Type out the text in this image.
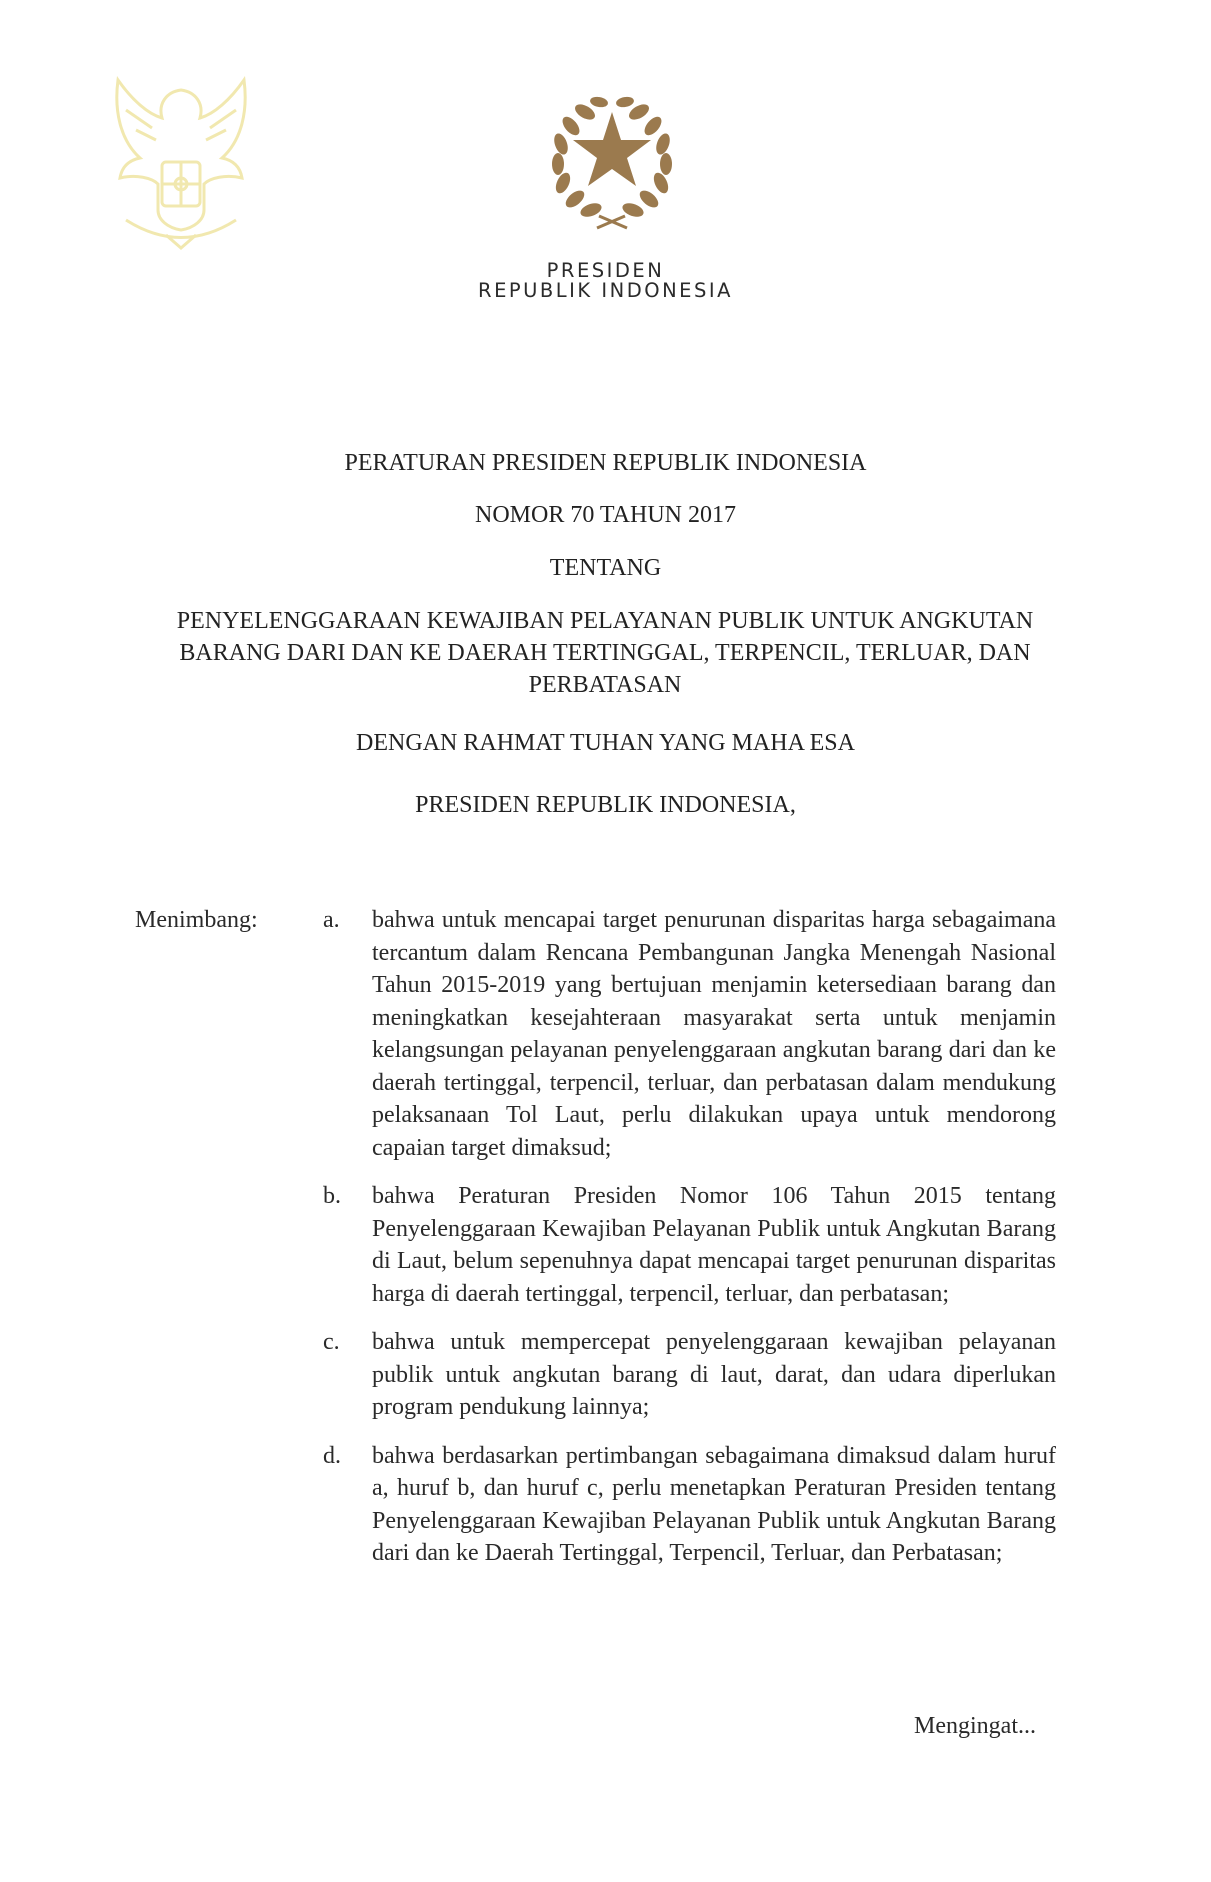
PRESIDEN
REPUBLIK INDONESIA
PERATURAN PRESIDEN REPUBLIK INDONESIA
NOMOR 70 TAHUN 2017
TENTANG
PENYELENGGARAAN KEWAJIBAN PELAYANAN PUBLIK UNTUK ANGKUTAN BARANG DARI DAN KE DAERAH TERTINGGAL, TERPENCIL, TERLUAR, DAN PERBATASAN
DENGAN RAHMAT TUHAN YANG MAHA ESA
PRESIDEN REPUBLIK INDONESIA,
Menimbang:	a.	bahwa untuk mencapai target penurunan disparitas harga sebagaimana tercantum dalam Rencana Pembangunan Jangka Menengah Nasional Tahun 2015-2019 yang bertujuan menjamin ketersediaan barang dan meningkatkan kesejahteraan masyarakat serta untuk menjamin kelangsungan pelayanan penyelenggaraan angkutan barang dari dan ke daerah tertinggal, terpencil, terluar, dan perbatasan dalam mendukung pelaksanaan Tol Laut, perlu dilakukan upaya untuk mendorong capaian target dimaksud;
b.	bahwa Peraturan Presiden Nomor 106 Tahun 2015 tentang Penyelenggaraan Kewajiban Pelayanan Publik untuk Angkutan Barang di Laut, belum sepenuhnya dapat mencapai target penurunan disparitas harga di daerah tertinggal, terpencil, terluar, dan perbatasan;
c.	bahwa untuk mempercepat penyelenggaraan kewajiban pelayanan publik untuk angkutan barang di laut, darat, dan udara diperlukan program pendukung lainnya;
d.	bahwa berdasarkan pertimbangan sebagaimana dimaksud dalam huruf a, huruf b, dan huruf c, perlu menetapkan Peraturan Presiden tentang Penyelenggaraan Kewajiban Pelayanan Publik untuk Angkutan Barang dari dan ke Daerah Tertinggal, Terpencil, Terluar, dan Perbatasan;
Mengingat...
